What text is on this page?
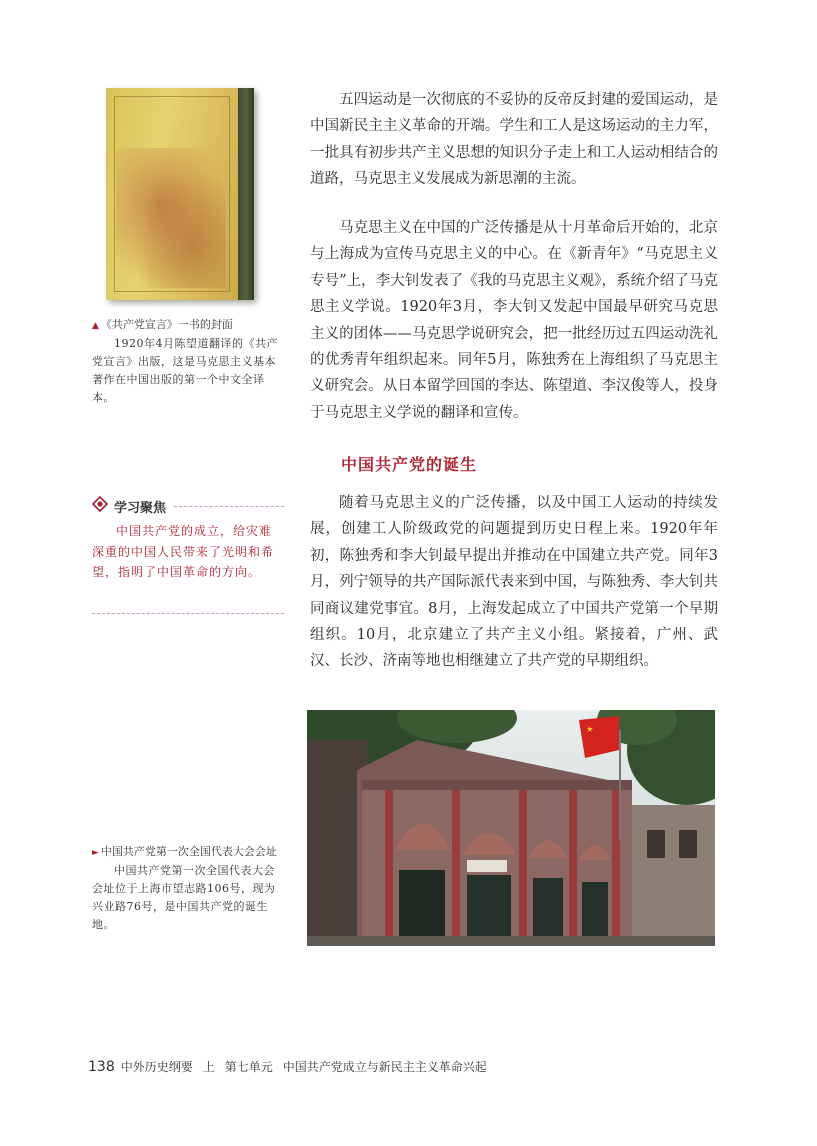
▲ 《共产党宣言》一书的封面
1920年4月陈望道翻译的《共产党宣言》出版，这是马克思主义基本著作在中国出版的第一个中文全译本。
学习聚焦
中国共产党的成立，给灾难深重的中国人民带来了光明和希望，指明了中国革命的方向。
► 中国共产党第一次全国代表大会会址
中国共产党第一次全国代表大会会址位于上海市望志路106号，现为兴业路76号，是中国共产党的诞生地。

五四运动是一次彻底的不妥协的反帝反封建的爱国运动，是中国新民主主义革命的开端。学生和工人是这场运动的主力军，一批具有初步共产主义思想的知识分子走上和工人运动相结合的道路，马克思主义发展成为新思潮的主流。

马克思主义在中国的广泛传播是从十月革命后开始的，北京与上海成为宣传马克思主义的中心。在《新青年》“马克思主义专号”上，李大钊发表了《我的马克思主义观》，系统介绍了马克思主义学说。1920年3月，李大钊又发起中国最早研究马克思主义的团体——马克思学说研究会，把一批经历过五四运动洗礼的优秀青年组织起来。同年5月，陈独秀在上海组织了马克思主义研究会。从日本留学回国的李达、陈望道、李汉俊等人，投身于马克思主义学说的翻译和宣传。

中国共产党的诞生

随着马克思主义的广泛传播，以及中国工人运动的持续发展，创建工人阶级政党的问题提到历史日程上来。1920年年初，陈独秀和李大钊最早提出并推动在中国建立共产党。同年3月，列宁领导的共产国际派代表来到中国，与陈独秀、李大钊共同商议建党事宜。8月，上海发起成立了中国共产党第一个早期组织。10月，北京建立了共产主义小组。紧接着，广州、武汉、长沙、济南等地也相继建立了共产党的早期组织。

138 中外历史纲要 上 第七单元 中国共产党成立与新民主主义革命兴起
